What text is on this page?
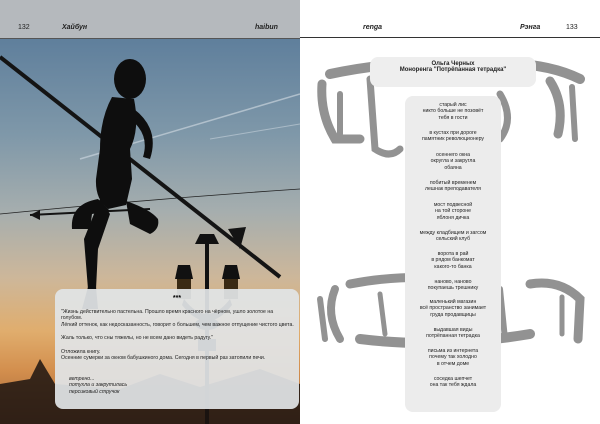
132	Хайбун	haibun	renga	Рэнга	133
***

"Жизнь действительно пастельна. Прошло время красного на чёрном, ушло золотое на голубом.

Лёгкий оттенок, как недосказанность, говорит о большем, чем важное отпущение чистого цвета.

Жаль только, что сны тяжелы, но не всем дано видеть радугу."

Отложила книгу.

Осенние сумерки за окном бабушкиного дома. Сегодня в первый раз затопили печи.

ветрено...

потухла и закрутилась

персиковый стручок

Ольга Черных
Моноренга "Потрёпанная тетрадка"
старый лис
никто больше не позовёт
тебя в гости
в кустах при дороге
памятник революционеру
осеннего окна
округла и закругла
обаяна
побитый временем
лешнак преподавателя
мост подвесной
на той стороне
яблоня дичка
между кладбищем и загсом
сельский клуб
ворота в рай
в рядом банкомат
какого-то банка
наново, наново
покупаешь трешнику
маленький магазин
всё пространство занимает
груда продавщицы
выдавшая виды
потрёпанная тетрадка
письма из интернета
почему так холодно
в отчем доме
соседка шепчет
она так тебя ждала
